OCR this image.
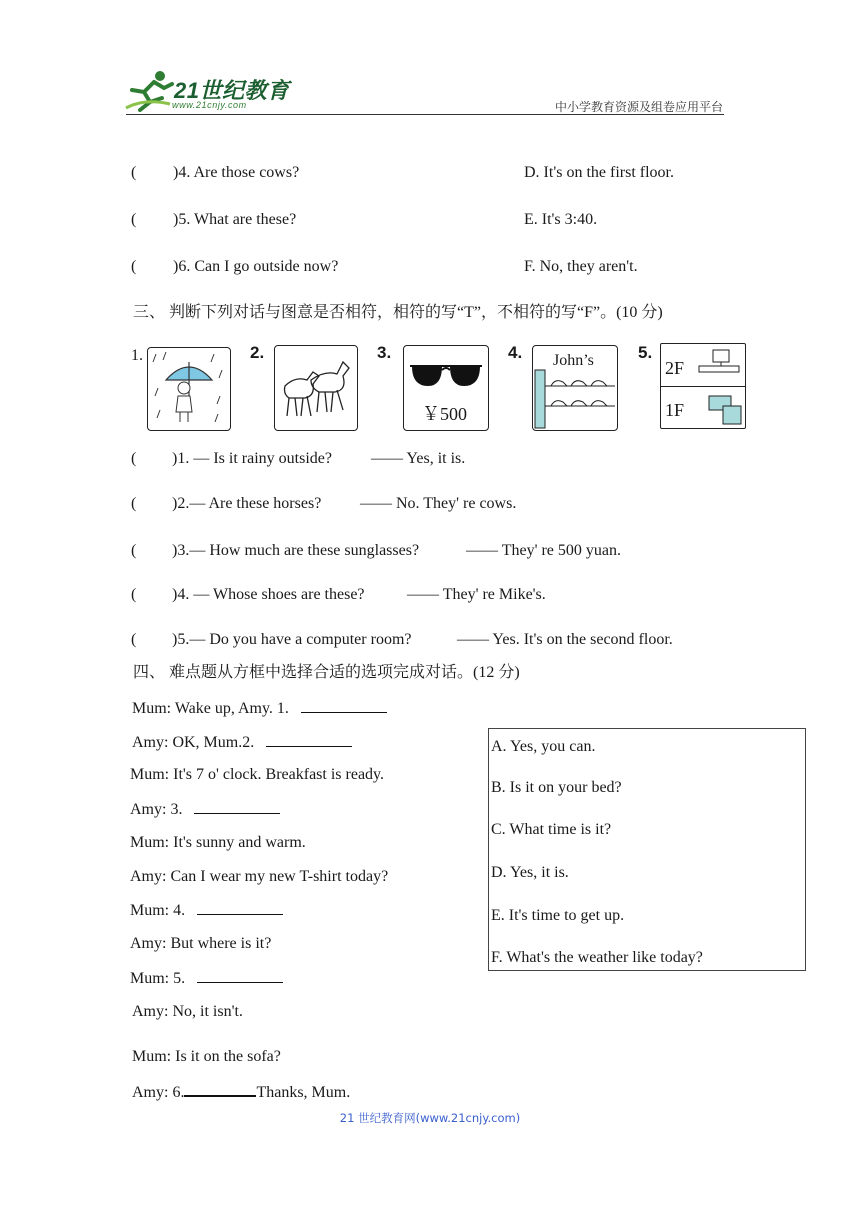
21世纪教育
www.21cnjy.com	中小学教育资源及组卷应用平台
( )4. Are those cows?	D. It's on the first floor.
( )5. What are these?	E. It's 3:40.
( )6. Can I go outside now?	F. No, they aren't.
三、 判断下列对话与图意是否相符，相符的写“T”，不相符的写“F”。(10 分)
1.	2.	3.
￥500
4. John’s	5.
2F
1F
( )1. — Is it rainy outside? —— Yes, it is.
( )2.— Are these horses? —— No. They' re cows.
( )3.— How much are these sunglasses?	—— They' re 500 yuan.
( )4. — Whose shoes are these?	—— They' re Mike's.
( )5.— Do you have a computer room?	—— Yes. It's on the second floor.
四、 难点题从方框中选择合适的选项完成对话。(12 分)
Mum: Wake up, Amy. 1.
Amy: OK, Mum.2.
Mum: It's 7 o' clock. Breakfast is ready.
Amy: 3.
Mum: It's sunny and warm.
Amy: Can I wear my new T-shirt today?
Mum: 4.
Amy: But where is it?
Mum: 5.
Amy: No, it isn't.
Mum: Is it on the sofa?
Amy: 6.	Thanks, Mum.
A. Yes, you can.
B. Is it on your bed?
C. What time is it?
D. Yes, it is.
E. It's time to get up.
F. What's the weather like today?
21 世纪教育网(www.21cnjy.com)
